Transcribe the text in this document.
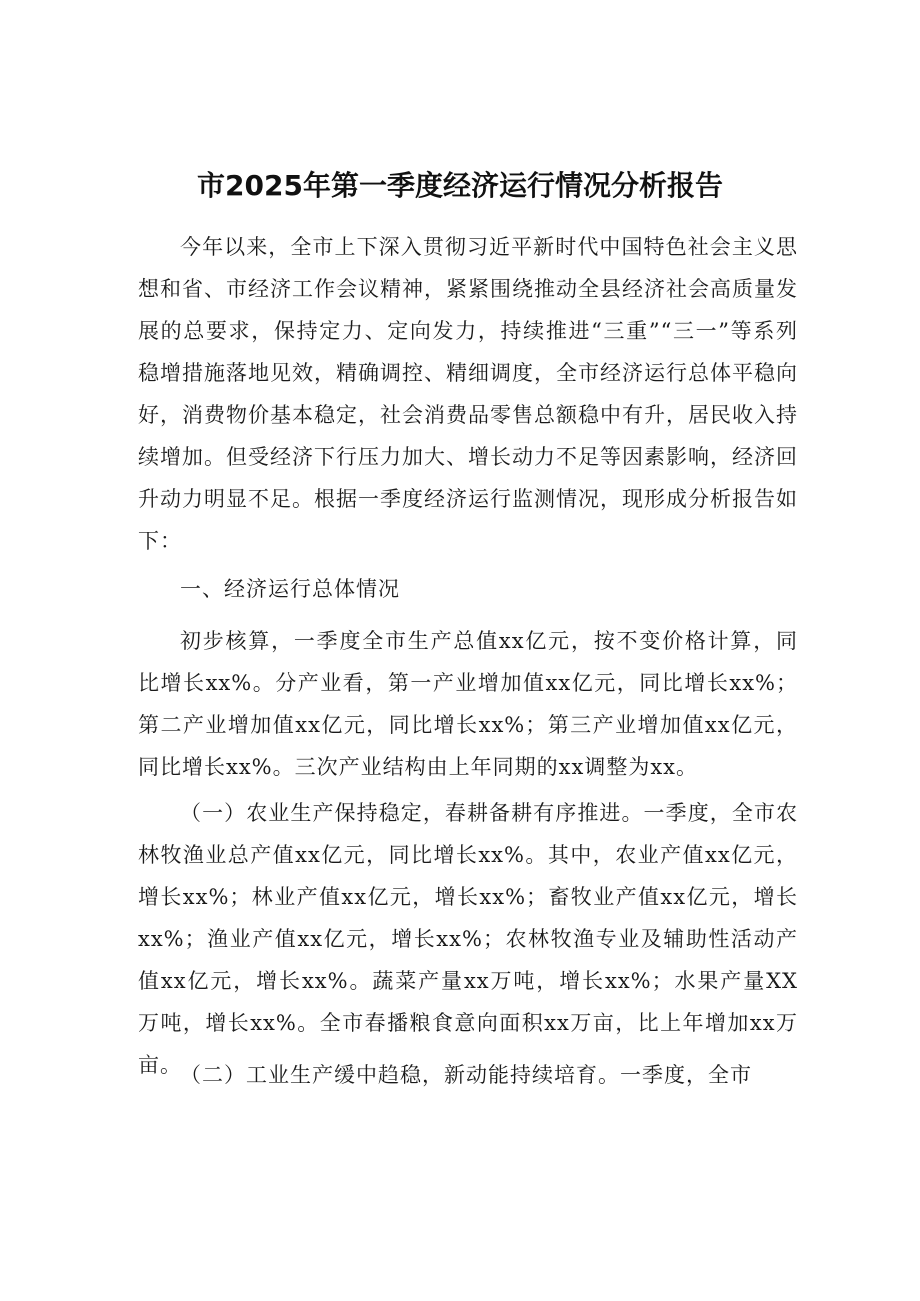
市2025年第一季度经济运行情况分析报告
今年以来，全市上下深入贯彻习近平新时代中国特色社会主义思想和省、市经济工作会议精神，紧紧围绕推动全县经济社会高质量发展的总要求，保持定力、定向发力，持续推进“三重”“三一”等系列稳增措施落地见效，精确调控、精细调度，全市经济运行总体平稳向好，消费物价基本稳定，社会消费品零售总额稳中有升，居民收入持续增加。但受经济下行压力加大、增长动力不足等因素影响，经济回升动力明显不足。根据一季度经济运行监测情况，现形成分析报告如下：
一、经济运行总体情况
初步核算，一季度全市生产总值xx亿元，按不变价格计算，同比增长xx%。分产业看，第一产业增加值xx亿元，同比增长xx%；第二产业增加值xx亿元，同比增长xx%；第三产业增加值xx亿元，同比增长xx%。三次产业结构由上年同期的xx调整为xx。
（一）农业生产保持稳定，春耕备耕有序推进。一季度，全市农林牧渔业总产值xx亿元，同比增长xx%。其中，农业产值xx亿元，增长xx%；林业产值xx亿元，增长xx%；畜牧业产值xx亿元，增长xx%；渔业产值xx亿元，增长xx%；农林牧渔专业及辅助性活动产值xx亿元，增长xx%。蔬菜产量xx万吨，增长xx%；水果产量XX万吨，增长xx%。全市春播粮食意向面积xx万亩，比上年增加xx万亩。
（二）工业生产缓中趋稳，新动能持续培育。一季度，全市
